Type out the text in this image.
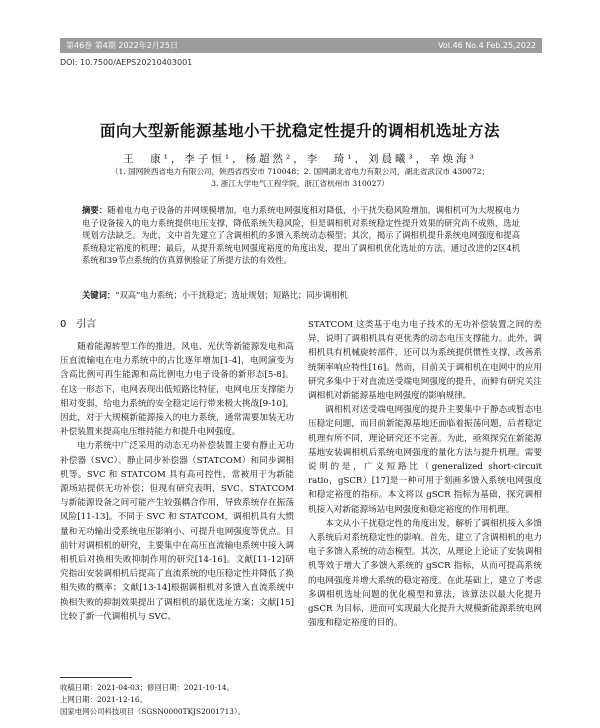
第46卷 第4期 2022年2月25日	Vol.46 No.4 Feb.25,2022
DOI: 10.7500/AEPS20210403001
面向大型新能源基地小干扰稳定性提升的调相机选址方法
王　康¹，李子恒¹，杨超然²，李　琦¹，刘晨曦³，辛焕海³
（1. 国网陕西省电力有限公司，陕西省西安市 710048；2. 国网湖北省电力有限公司，湖北省武汉市 430072；
3. 浙江大学电气工程学院，浙江省杭州市 310027）
摘要：随着电力电子设备的并网规模增加，电力系统电网强度相对降低，小干扰失稳风险增加。调相机可为大规模电力电子设备接入的电力系统提供电压支撑，降低系统失稳风险，但是调相机对系统稳定性提升效果的研究尚不成熟，选址规划方法缺乏。为此，文中首先建立了含调相机的多馈入系统动态模型；其次，揭示了调相机提升系统电网强度和提高系统稳定裕度的机理；最后，从提升系统电网强度裕度的角度出发，提出了调相机优化选址的方法。通过改进的2区4机系统和39节点系统的仿真算例验证了所提方法的有效性。
关键词：“双高”电力系统；小干扰稳定；选址规划；短路比；同步调相机
0　引言

随着能源转型工作的推进，风电、光伏等新能源发电和高压直流输电在电力系统中的占比逐年增加[1-4]，电网演变为含高比例可再生能源和高比例电力电子设备的新形态[5-8]。在这一形态下，电网表现出低短路比特征，电网电压支撑能力相对变弱，给电力系统的安全稳定运行带来极大挑战[9-10]。因此，对于大规模新能源接入的电力系统，通常需要加装无功补偿装置来提高电压维持能力和提升电网强度。

电力系统中广泛采用的动态无功补偿装置主要有静止无功补偿器（SVC）、静止同步补偿器（STATCOM）和同步调相机等。SVC 和 STATCOM 具有高可控性，常被用于为新能源场站提供无功补偿；但现有研究表明，SVC、STATCOM 与新能源设备之间可能产生较强耦合作用，导致系统存在振荡风险[11-13]。不同于 SVC 和 STATCOM，调相机具有大惯量和无功输出受系统电压影响小、可提升电网强度等优点。目前针对调相机的研究，主要集中在高压直流输电系统中接入调相机后对换相失败抑制作用的研究[14-16]。文献[11-12]研究指出安装调相机后提高了直流系统的电压稳定性并降低了换相失败的概率；文献[13-14]根据调相机对多馈入直流系统中换相失败的抑制效果提出了调相机的最优选址方案；文献[15]比较了新一代调相机与 SVC、

STATCOM 这类基于电力电子技术的无功补偿装置之间的差异，说明了调相机具有更优秀的动态电压支撑能力。此外，调相机具有机械旋转部件，还可以为系统提供惯性支撑，改善系统频率响应特性[16]。然而，目前关于调相机在电网中的应用研究多集中于对直流送受端电网强度的提升，而鲜有研究关注调相机对新能源基地电网强度的影响规律。

调相机对送受端电网强度的提升主要集中于静态或暂态电压稳定问题，而目前新能源基地还面临着振荡问题，后者稳定机理有所不同，理论研究还不完善。为此，亟须探究在新能源基地安装调相机后系统电网强度的量化方法与提升机理。需要说明的是，广义短路比（generalized short-circuit ratio，gSCR）[17]是一种可用于刻画多馈入系统电网强度和稳定裕度的指标。本文将以 gSCR 指标为基础，探究调相机接入对新能源场站电网强度和稳定裕度的作用机理。

本文从小干扰稳定性的角度出发，解析了调相机接入多馈入系统后对系统稳定性的影响。首先，建立了含调相机的电力电子多馈入系统的动态模型。其次，从理论上论证了安装调相机等效于增大了多馈入系统的 gSCR 指标，从而可提高系统的电网强度并增大系统的稳定裕度。在此基础上，建立了考虑多调相机选址问题的优化模型和算法，该算法以最大化提升 gSCR 为目标，进而可实现最大化提升大规模新能源系统电网强度和稳定裕度的目的。

收稿日期：2021-04-03；修回日期：2021-10-14。
上网日期：2021-12-16。
国家电网公司科技项目（SGSN0000TKJS2001713）。
